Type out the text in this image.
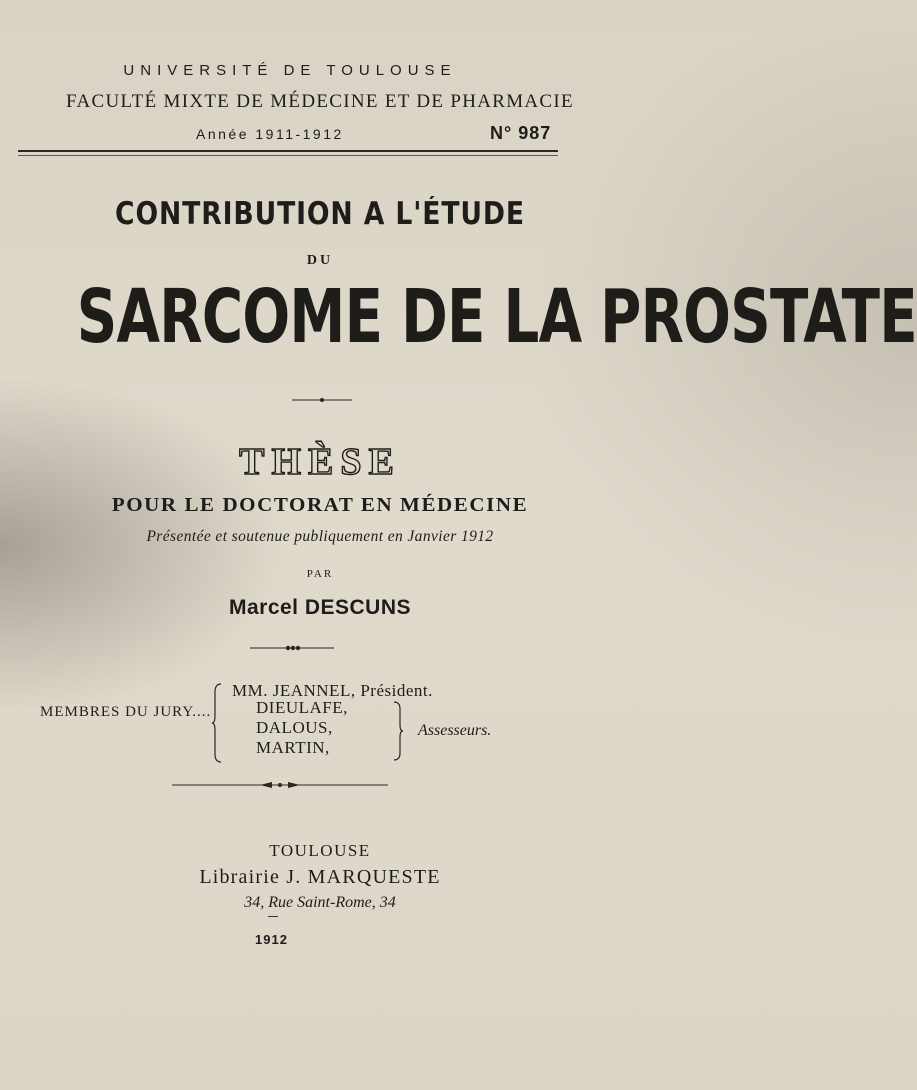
UNIVERSITÉ DE TOULOUSE
FACULTÉ MIXTE DE MÉDECINE ET DE PHARMACIE
Année 1911-1912	N° 987
CONTRIBUTION A L'ÉTUDE
DU
SARCOME DE LA PROSTATE
THÈSE
POUR LE DOCTORAT EN MÉDECINE
Présentée et soutenue publiquement en Janvier 1912
PAR
Marcel DESCUNS
MEMBRES DU JURY....
MM. JEANNEL, Président.
DIEULAFE,
DALOUS,
MARTIN,
Assesseurs.
TOULOUSE
Librairie J. MARQUESTE
34, Rue Saint-Rome, 34
1912
